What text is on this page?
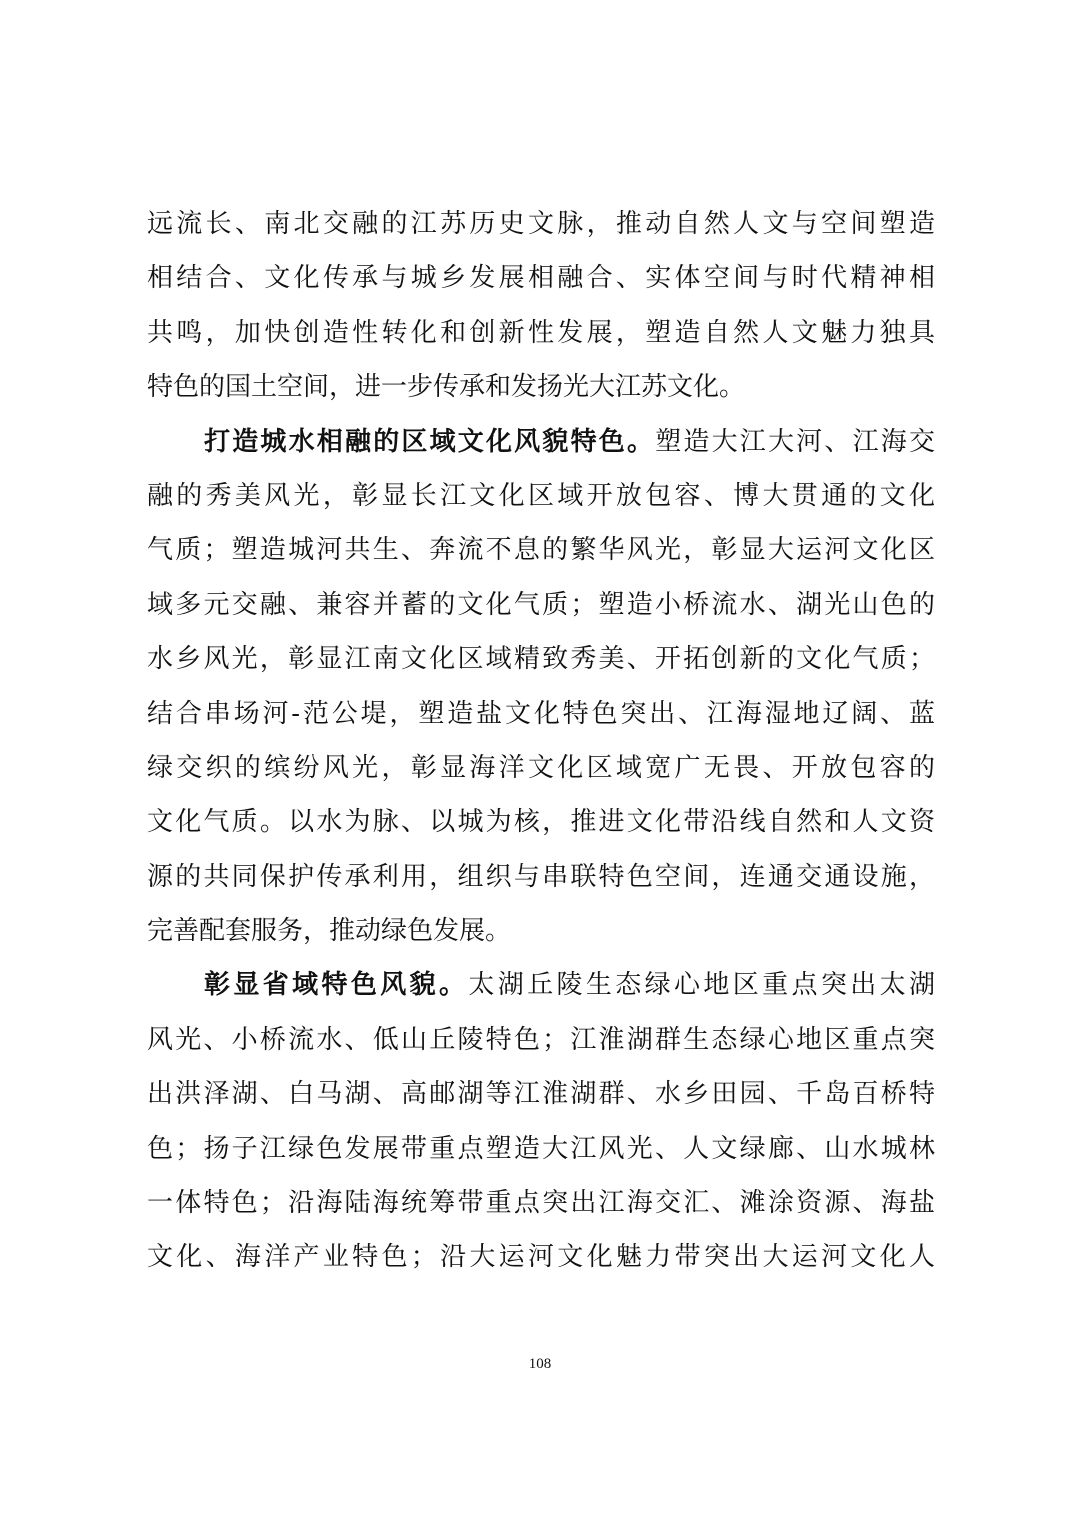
远流长、南北交融的江苏历史文脉，推动自然人文与空间塑造
相结合、文化传承与城乡发展相融合、实体空间与时代精神相
共鸣，加快创造性转化和创新性发展，塑造自然人文魅力独具
特色的国土空间，进一步传承和发扬光大江苏文化。
打造城水相融的区域文化风貌特色。塑造大江大河、江海交
融的秀美风光，彰显长江文化区域开放包容、博大贯通的文化
气质；塑造城河共生、奔流不息的繁华风光，彰显大运河文化区
域多元交融、兼容并蓄的文化气质；塑造小桥流水、湖光山色的
水乡风光，彰显江南文化区域精致秀美、开拓创新的文化气质；
结合串场河-范公堤，塑造盐文化特色突出、江海湿地辽阔、蓝
绿交织的缤纷风光，彰显海洋文化区域宽广无畏、开放包容的
文化气质。以水为脉、以城为核，推进文化带沿线自然和人文资
源的共同保护传承利用，组织与串联特色空间，连通交通设施，
完善配套服务，推动绿色发展。
彰显省域特色风貌。太湖丘陵生态绿心地区重点突出太湖
风光、小桥流水、低山丘陵特色；江淮湖群生态绿心地区重点突
出洪泽湖、白马湖、高邮湖等江淮湖群、水乡田园、千岛百桥特
色；扬子江绿色发展带重点塑造大江风光、人文绿廊、山水城林
一体特色；沿海陆海统筹带重点突出江海交汇、滩涂资源、海盐
文化、海洋产业特色；沿大运河文化魅力带突出大运河文化人
108
